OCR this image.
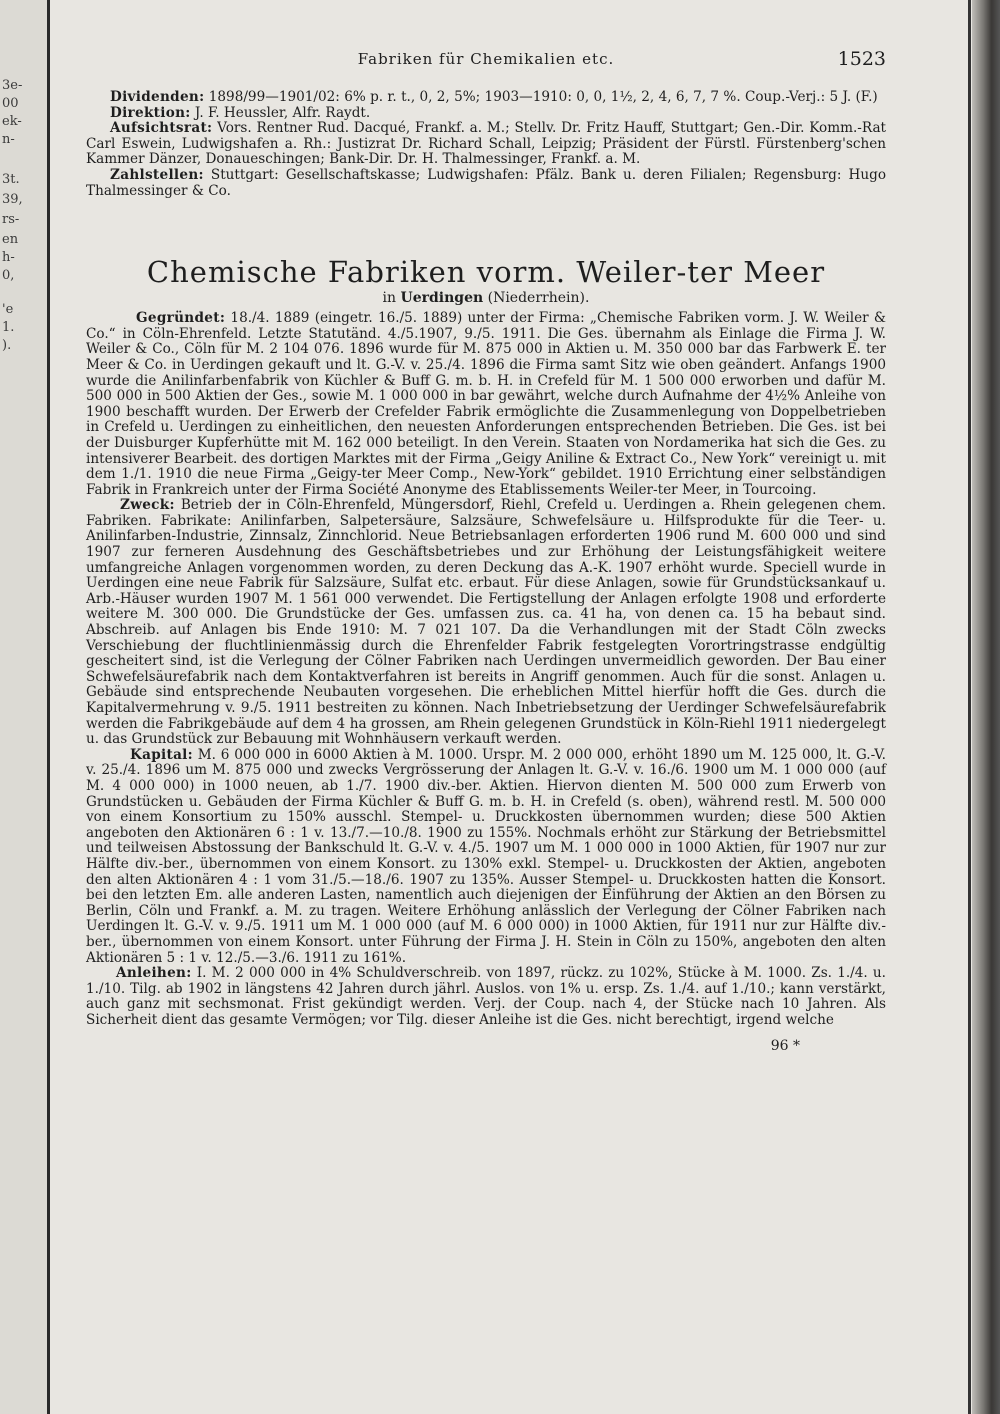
3e-
00
ek-
n-
3t.
39,
rs-
en
h-
0,
'e
1.
).
Fabriken für Chemikalien etc.	1523

Dividenden: 1898/99—1901/02: 6% p. r. t., 0, 2, 5%; 1903—1910: 0, 0, 1½, 2, 4, 6, 7, 7 %. Coup.-Verj.: 5 J. (F.)

Direktion: J. F. Heussler, Alfr. Raydt.

Aufsichtsrat: Vors. Rentner Rud. Dacqué, Frankf. a. M.; Stellv. Dr. Fritz Hauff, Stuttgart; Gen.-Dir. Komm.-Rat Carl Eswein, Ludwigshafen a. Rh.: Justizrat Dr. Richard Schall, Leipzig; Präsident der Fürstl. Fürstenberg'schen Kammer Dänzer, Donaueschingen; Bank-Dir. Dr. H. Thalmessinger, Frankf. a. M.

Zahlstellen: Stuttgart: Gesellschaftskasse; Ludwigshafen: Pfälz. Bank u. deren Filialen; Regensburg: Hugo Thalmessinger & Co.

Chemische Fabriken vorm. Weiler-ter Meer
in Uerdingen (Niederrhein).

Gegründet: 18./4. 1889 (eingetr. 16./5. 1889) unter der Firma: „Chemische Fabriken vorm. J. W. Weiler & Co.“ in Cöln-Ehrenfeld. Letzte Statutänd. 4./5.1907, 9./5. 1911. Die Ges. übernahm als Einlage die Firma J. W. Weiler & Co., Cöln für M. 2 104 076. 1896 wurde für M. 875 000 in Aktien u. M. 350 000 bar das Farbwerk E. ter Meer & Co. in Uerdingen gekauft und lt. G.-V. v. 25./4. 1896 die Firma samt Sitz wie oben geändert. Anfangs 1900 wurde die Anilinfarbenfabrik von Küchler & Buff G. m. b. H. in Crefeld für M. 1 500 000 erworben und dafür M. 500 000 in 500 Aktien der Ges., sowie M. 1 000 000 in bar gewährt, welche durch Aufnahme der 4½% Anleihe von 1900 beschafft wurden. Der Erwerb der Crefelder Fabrik ermöglichte die Zusammenlegung von Doppelbetrieben in Crefeld u. Uerdingen zu einheitlichen, den neuesten Anforderungen entsprechenden Betrieben. Die Ges. ist bei der Duisburger Kupferhütte mit M. 162 000 beteiligt. In den Verein. Staaten von Nordamerika hat sich die Ges. zu intensiverer Bearbeit. des dortigen Marktes mit der Firma „Geigy Aniline & Extract Co., New York“ vereinigt u. mit dem 1./1. 1910 die neue Firma „Geigy-ter Meer Comp., New-York“ gebildet. 1910 Errichtung einer selbständigen Fabrik in Frankreich unter der Firma Société Anonyme des Etablissements Weiler-ter Meer, in Tourcoing.

Zweck: Betrieb der in Cöln-Ehrenfeld, Müngersdorf, Riehl, Crefeld u. Uerdingen a. Rhein gelegenen chem. Fabriken. Fabrikate: Anilinfarben, Salpetersäure, Salzsäure, Schwefelsäure u. Hilfsprodukte für die Teer- u. Anilinfarben-Industrie, Zinnsalz, Zinnchlorid. Neue Betriebsanlagen erforderten 1906 rund M. 600 000 und sind 1907 zur ferneren Ausdehnung des Geschäftsbetriebes und zur Erhöhung der Leistungsfähigkeit weitere umfangreiche Anlagen vorgenommen worden, zu deren Deckung das A.-K. 1907 erhöht wurde. Speciell wurde in Uerdingen eine neue Fabrik für Salzsäure, Sulfat etc. erbaut. Für diese Anlagen, sowie für Grundstücksankauf u. Arb.-Häuser wurden 1907 M. 1 561 000 verwendet. Die Fertigstellung der Anlagen erfolgte 1908 und erforderte weitere M. 300 000. Die Grundstücke der Ges. umfassen zus. ca. 41 ha, von denen ca. 15 ha bebaut sind. Abschreib. auf Anlagen bis Ende 1910: M. 7 021 107. Da die Verhandlungen mit der Stadt Cöln zwecks Verschiebung der fluchtlinienmässig durch die Ehrenfelder Fabrik festgelegten Vorortringstrasse endgültig gescheitert sind, ist die Verlegung der Cölner Fabriken nach Uerdingen unvermeidlich geworden. Der Bau einer Schwefelsäurefabrik nach dem Kontaktverfahren ist bereits in Angriff genommen. Auch für die sonst. Anlagen u. Gebäude sind entsprechende Neubauten vorgesehen. Die erheblichen Mittel hierfür hofft die Ges. durch die Kapitalvermehrung v. 9./5. 1911 bestreiten zu können. Nach Inbetriebsetzung der Uerdinger Schwefelsäurefabrik werden die Fabrikgebäude auf dem 4 ha grossen, am Rhein gelegenen Grundstück in Köln-Riehl 1911 niedergelegt u. das Grundstück zur Bebauung mit Wohnhäusern verkauft werden.

Kapital: M. 6 000 000 in 6000 Aktien à M. 1000. Urspr. M. 2 000 000, erhöht 1890 um M. 125 000, lt. G.-V. v. 25./4. 1896 um M. 875 000 und zwecks Vergrösserung der Anlagen lt. G.-V. v. 16./6. 1900 um M. 1 000 000 (auf M. 4 000 000) in 1000 neuen, ab 1./7. 1900 div.-ber. Aktien. Hiervon dienten M. 500 000 zum Erwerb von Grundstücken u. Gebäuden der Firma Küchler & Buff G. m. b. H. in Crefeld (s. oben), während restl. M. 500 000 von einem Konsortium zu 150% ausschl. Stempel- u. Druckkosten übernommen wurden; diese 500 Aktien angeboten den Aktionären 6 : 1 v. 13./7.—10./8. 1900 zu 155%. Nochmals erhöht zur Stärkung der Betriebsmittel und teilweisen Abstossung der Bankschuld lt. G.-V. v. 4./5. 1907 um M. 1 000 000 in 1000 Aktien, für 1907 nur zur Hälfte div.-ber., übernommen von einem Konsort. zu 130% exkl. Stempel- u. Druckkosten der Aktien, angeboten den alten Aktionären 4 : 1 vom 31./5.—18./6. 1907 zu 135%. Ausser Stempel- u. Druckkosten hatten die Konsort. bei den letzten Em. alle anderen Lasten, namentlich auch diejenigen der Einführung der Aktien an den Börsen zu Berlin, Cöln und Frankf. a. M. zu tragen. Weitere Erhöhung anlässlich der Verlegung der Cölner Fabriken nach Uerdingen lt. G.-V. v. 9./5. 1911 um M. 1 000 000 (auf M. 6 000 000) in 1000 Aktien, für 1911 nur zur Hälfte div.-ber., übernommen von einem Konsort. unter Führung der Firma J. H. Stein in Cöln zu 150%, angeboten den alten Aktionären 5 : 1 v. 12./5.—3./6. 1911 zu 161%.

Anleihen: I. M. 2 000 000 in 4% Schuldverschreib. von 1897, rückz. zu 102%, Stücke à M. 1000. Zs. 1./4. u. 1./10. Tilg. ab 1902 in längstens 42 Jahren durch jährl. Auslos. von 1% u. ersp. Zs. 1./4. auf 1./10.; kann verstärkt, auch ganz mit sechsmonat. Frist gekündigt werden. Verj. der Coup. nach 4, der Stücke nach 10 Jahren. Als Sicherheit dient das gesamte Vermögen; vor Tilg. dieser Anleihe ist die Ges. nicht berechtigt, irgend welche

96 *
